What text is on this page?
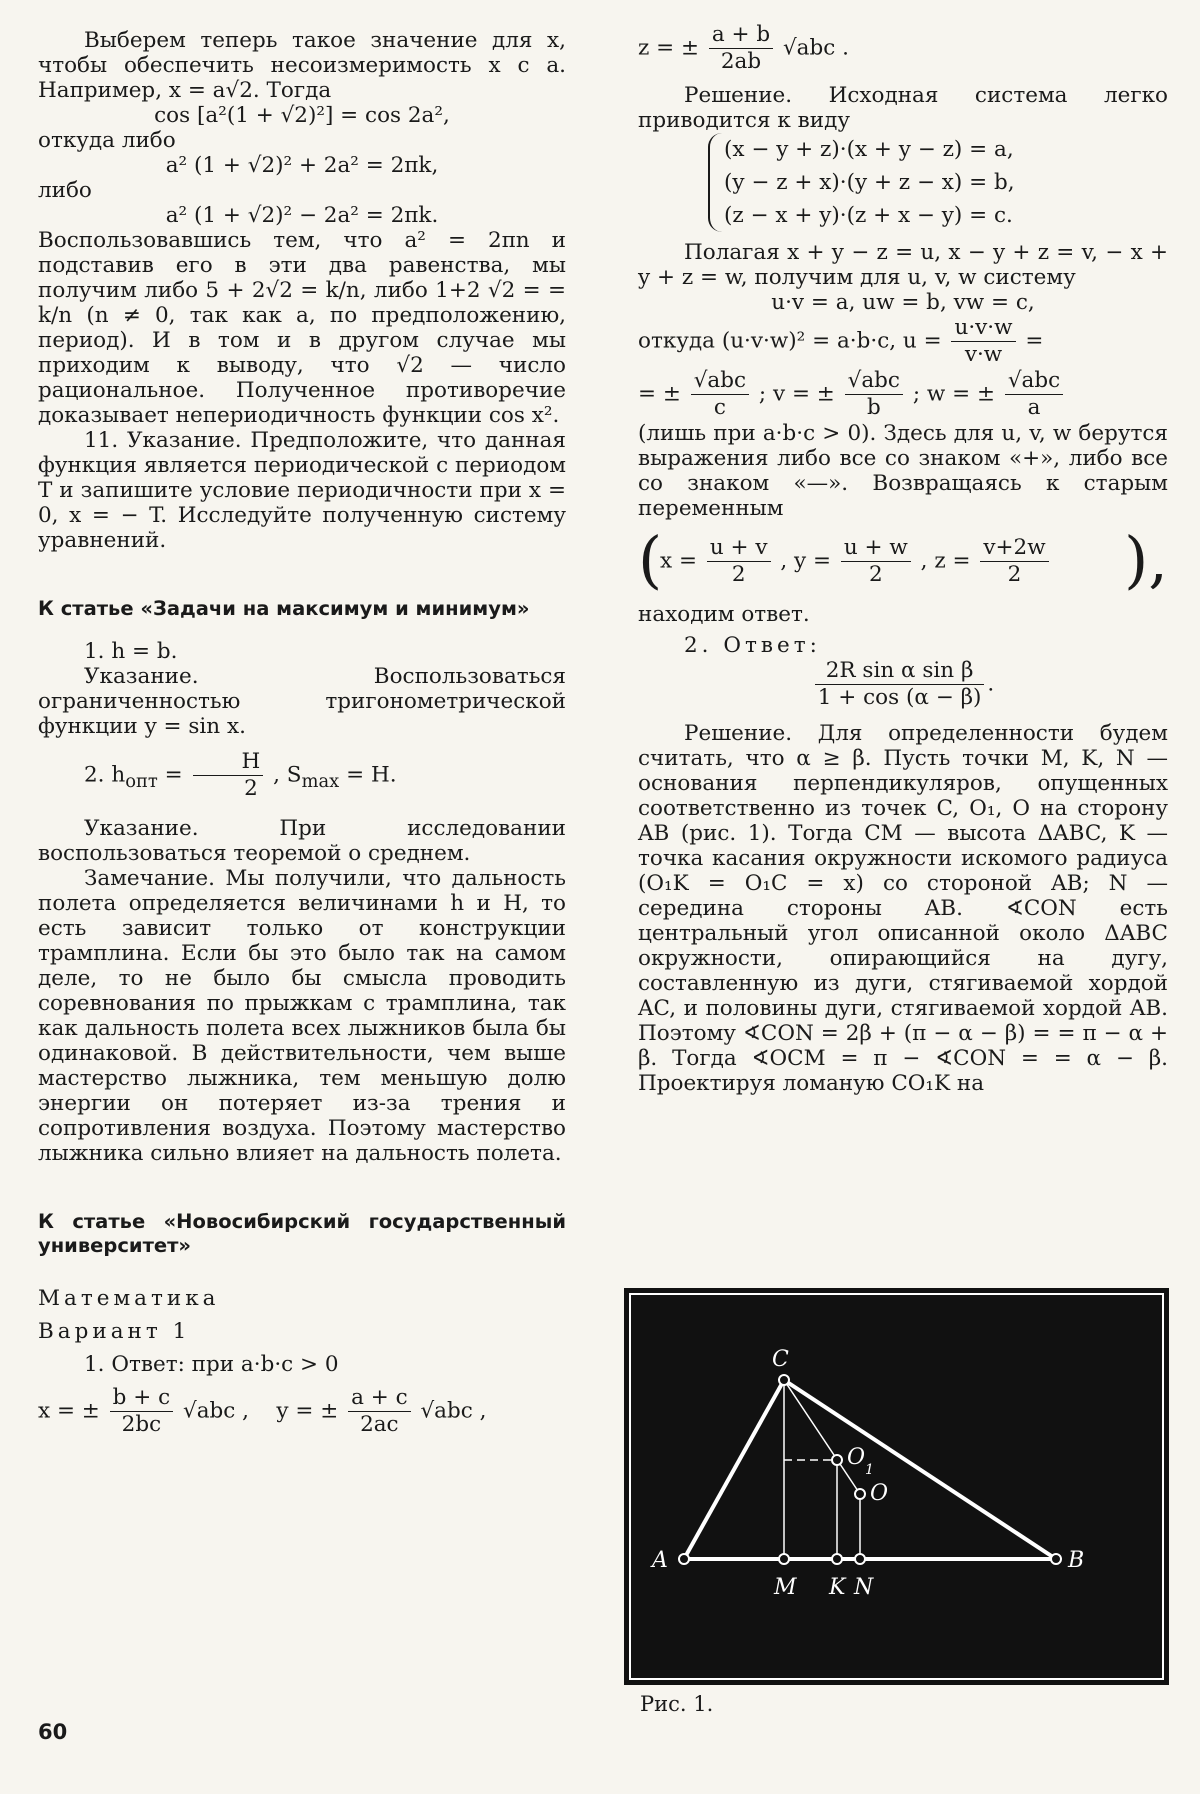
Выберем теперь такое значение для x, чтобы обеспечить несоизмеримость x с a. Например, x = a√2. Тогда

cos [a²(1 + √2)²] = cos 2a²,

откуда либо

a² (1 + √2)² + 2a² = 2πk,

либо

a² (1 + √2)² − 2a² = 2πk.

Воспользовавшись тем, что a² = 2πn и подставив его в эти два равенства, мы получим либо 5 + 2√2 = k/n, либо 1+2 √2 = = k/n (n ≠ 0, так как a, по предположению, период). И в том и в другом случае мы приходим к выводу, что √2 — число рациональное. Полученное противоречие доказывает непериодичность функции cos x².

11. Указание. Предположите, что данная функция является периодической с периодом T и запишите условие периодичности при x = 0, x = − T. Исследуйте полученную систему уравнений.

К статье «Задачи на максимум и минимум»

1. h = b.

Указание. Воспользоваться ограниченностью тригонометрической функции y = sin x.

2. $h_{опт} = \frac{H}{2}$ , $S_{max} = H$.

Указание. При исследовании воспользоваться теоремой о среднем.

Замечание. Мы получили, что дальность полета определяется величинами h и H, то есть зависит только от конструкции трамплина. Если бы это было так на самом деле, то не было бы смысла проводить соревнования по прыжкам с трамплина, так как дальность полета всех лыжников была бы одинаковой. В действительности, чем выше мастерство лыжника, тем меньшую долю энергии он потеряет из-за трения и сопротивления воздуха. Поэтому мастерство лыжника сильно влияет на дальность полета.

К статье «Новосибирский государственный университет»

Математика

Вариант 1

1. Ответ: при a·b·c > 0

x = ± $\frac{b + c}{2bc} √abc$ , y = ± $\frac{a + c}{2ac} √abc$ ,

z = ± $\frac{a + b}{2ab} √abc$ .

Решение. Исходная система легко приводится к виду

(x − y + z)·(x + y − z) = a,
(y − z + x)·(y + z − x) = b,
(z − x + y)·(z + x − y) = c.

Полагая x + y − z = u, x − y + z = v, − x + y + z = w, получим для u, v, w систему

u·v = a, uw = b, vw = c,

откуда (u·v·w)² = a·b·c, $u = \frac{u\cdot v\cdot w}{v\cdot w}$ =

= ± $\frac{\text{√abc}}{c}$ ; v = ± $\frac{\text{√abc}}{b}$ ; w = ± $\frac{\text{√abc}}{a}$

(лишь при a·b·c > 0). Здесь для u, v, w берутся выражения либо все со знаком «+», либо все со знаком «—». Возвращаясь к старым переменным

(
$x = \frac{u + v}{2}$ , $y = \frac{u + w}{2}$ , $z = \frac{v+2w}{2}$ ),

находим ответ.

2. Ответ:

$\frac{\text{2R sin α sin β}}{1 + \cos (\alpha - \beta)}$ .

Решение. Для определенности будем считать, что α ≥ β. Пусть точки M, K, N — основания перпендикуляров, опущенных соответственно из точек C, O₁, O на сторону AB (рис. 1). Тогда CM — высота ΔABC, K — точка касания окружности искомого радиуса (O₁K = O₁C = x) со стороной AB; N — середина стороны AB. ∢CON есть центральный угол описанной около ΔABC окружности, опирающийся на дугу, составленную из дуги, стягиваемой хордой AC, и половины дуги, стягиваемой хордой AB. Поэтому ∢CON = 2β + (π − α − β) = = π − α + β. Тогда ∢OCM = π − ∢CON = = α − β. Проектируя ломаную CO₁K на

C
A	B
M K N
O 1
O
Рис. 1.
60
